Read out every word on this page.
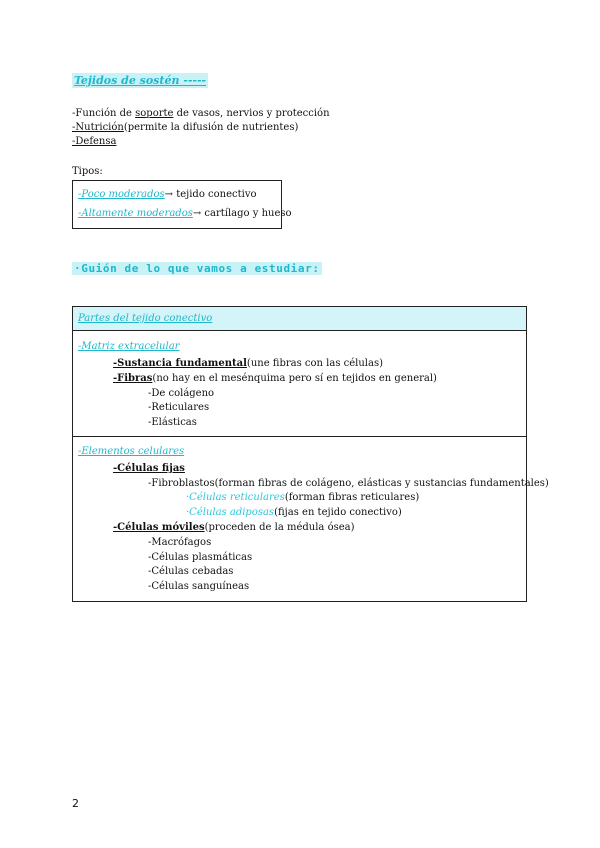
Tejidos de sostén -----
-Función de soporte de vasos, nervios y protección
-Nutrición(permite la difusión de nutrientes)
-Defensa
Tipos:
-Poco moderados→ tejido conectivo
-Altamente moderados→ cartílago y hueso
·Guión de lo que vamos a estudiar:
Partes del tejido conectivo
-Matriz extracelular
-Sustancia fundamental(une fibras con las células)
-Fibras(no hay en el mesénquima pero sí en tejidos en general)
-De colágeno
-Reticulares
-Elásticas
-Elementos celulares
-Células fijas
-Fibroblastos(forman fibras de colágeno, elásticas y sustancias fundamentales)
·Células reticulares(forman fibras reticulares)
·Células adiposas(fijas en tejido conectivo)
-Células móviles(proceden de la médula ósea)
-Macrófagos
-Células plasmáticas
-Células cebadas
-Células sanguíneas
2
